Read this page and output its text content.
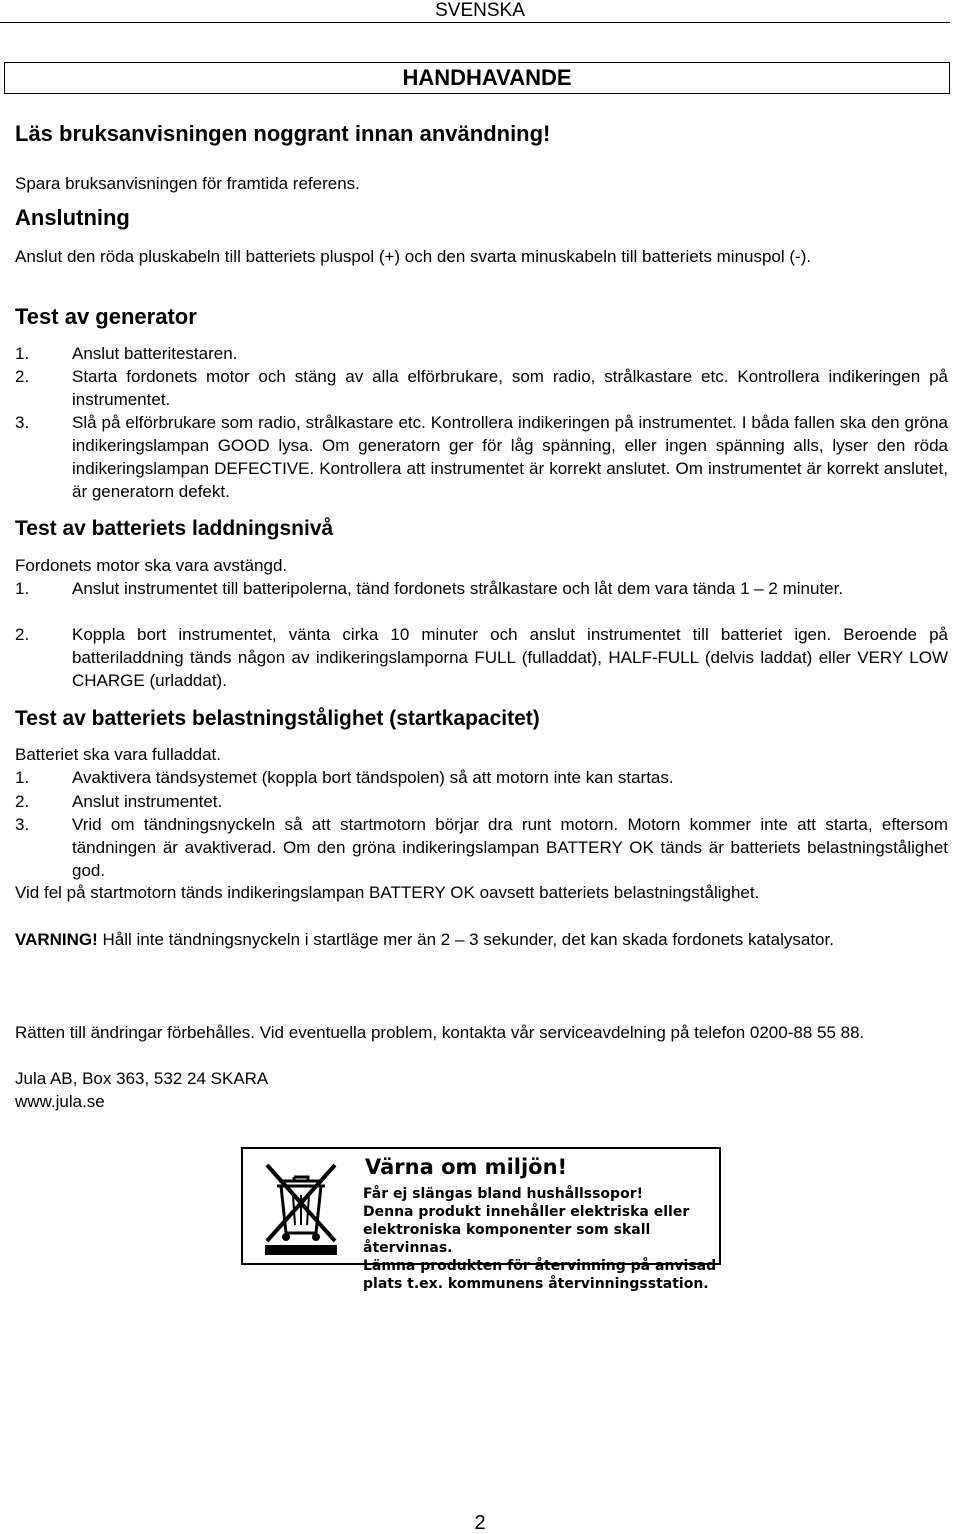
SVENSKA
HANDHAVANDE
Läs bruksanvisningen noggrant innan användning!
Spara bruksanvisningen för framtida referens.
Anslutning
Anslut den röda pluskabeln till batteriets pluspol (+) och den svarta minuskabeln till batteriets minuspol (-).
Test av generator
1.	Anslut batteritestaren.
2.	Starta fordonets motor och stäng av alla elförbrukare, som radio, strålkastare etc. Kontrollera indikeringen på instrumentet.
3.	Slå på elförbrukare som radio, strålkastare etc. Kontrollera indikeringen på instrumentet. I båda fallen ska den gröna indikeringslampan GOOD lysa. Om generatorn ger för låg spänning, eller ingen spänning alls, lyser den röda indikeringslampan DEFECTIVE. Kontrollera att instrumentet är korrekt anslutet. Om instrumentet är korrekt anslutet, är generatorn defekt.
Test av batteriets laddningsnivå
Fordonets motor ska vara avstängd.
1.	Anslut instrumentet till batteripolerna, tänd fordonets strålkastare och låt dem vara tända 1 – 2 minuter.
2.	Koppla bort instrumentet, vänta cirka 10 minuter och anslut instrumentet till batteriet igen. Beroende på batteriladdning tänds någon av indikeringslamporna FULL (fulladdat), HALF-FULL (delvis laddat) eller VERY LOW CHARGE (urladdat).
Test av batteriets belastningstålighet (startkapacitet)
Batteriet ska vara fulladdat.
1.	Avaktivera tändsystemet (koppla bort tändspolen) så att motorn inte kan startas.
2.	Anslut instrumentet.
3.	Vrid om tändningsnyckeln så att startmotorn börjar dra runt motorn. Motorn kommer inte att starta, eftersom tändningen är avaktiverad. Om den gröna indikeringslampan BATTERY OK tänds är batteriets belastningstålighet god.
Vid fel på startmotorn tänds indikeringslampan BATTERY OK oavsett batteriets belastningstålighet.
VARNING! Håll inte tändningsnyckeln i startläge mer än 2 – 3 sekunder, det kan skada fordonets katalysator.
Rätten till ändringar förbehålles. Vid eventuella problem, kontakta vår serviceavdelning på telefon 0200-88 55 88.
Jula AB, Box 363, 532 24 SKARA
www.jula.se
Värna om miljön!
Får ej slängas bland hushållssopor!
Denna produkt innehåller elektriska eller
elektroniska komponenter som skall återvinnas.
Lämna produkten för återvinning på anvisad
plats t.ex. kommunens återvinningsstation.
2
